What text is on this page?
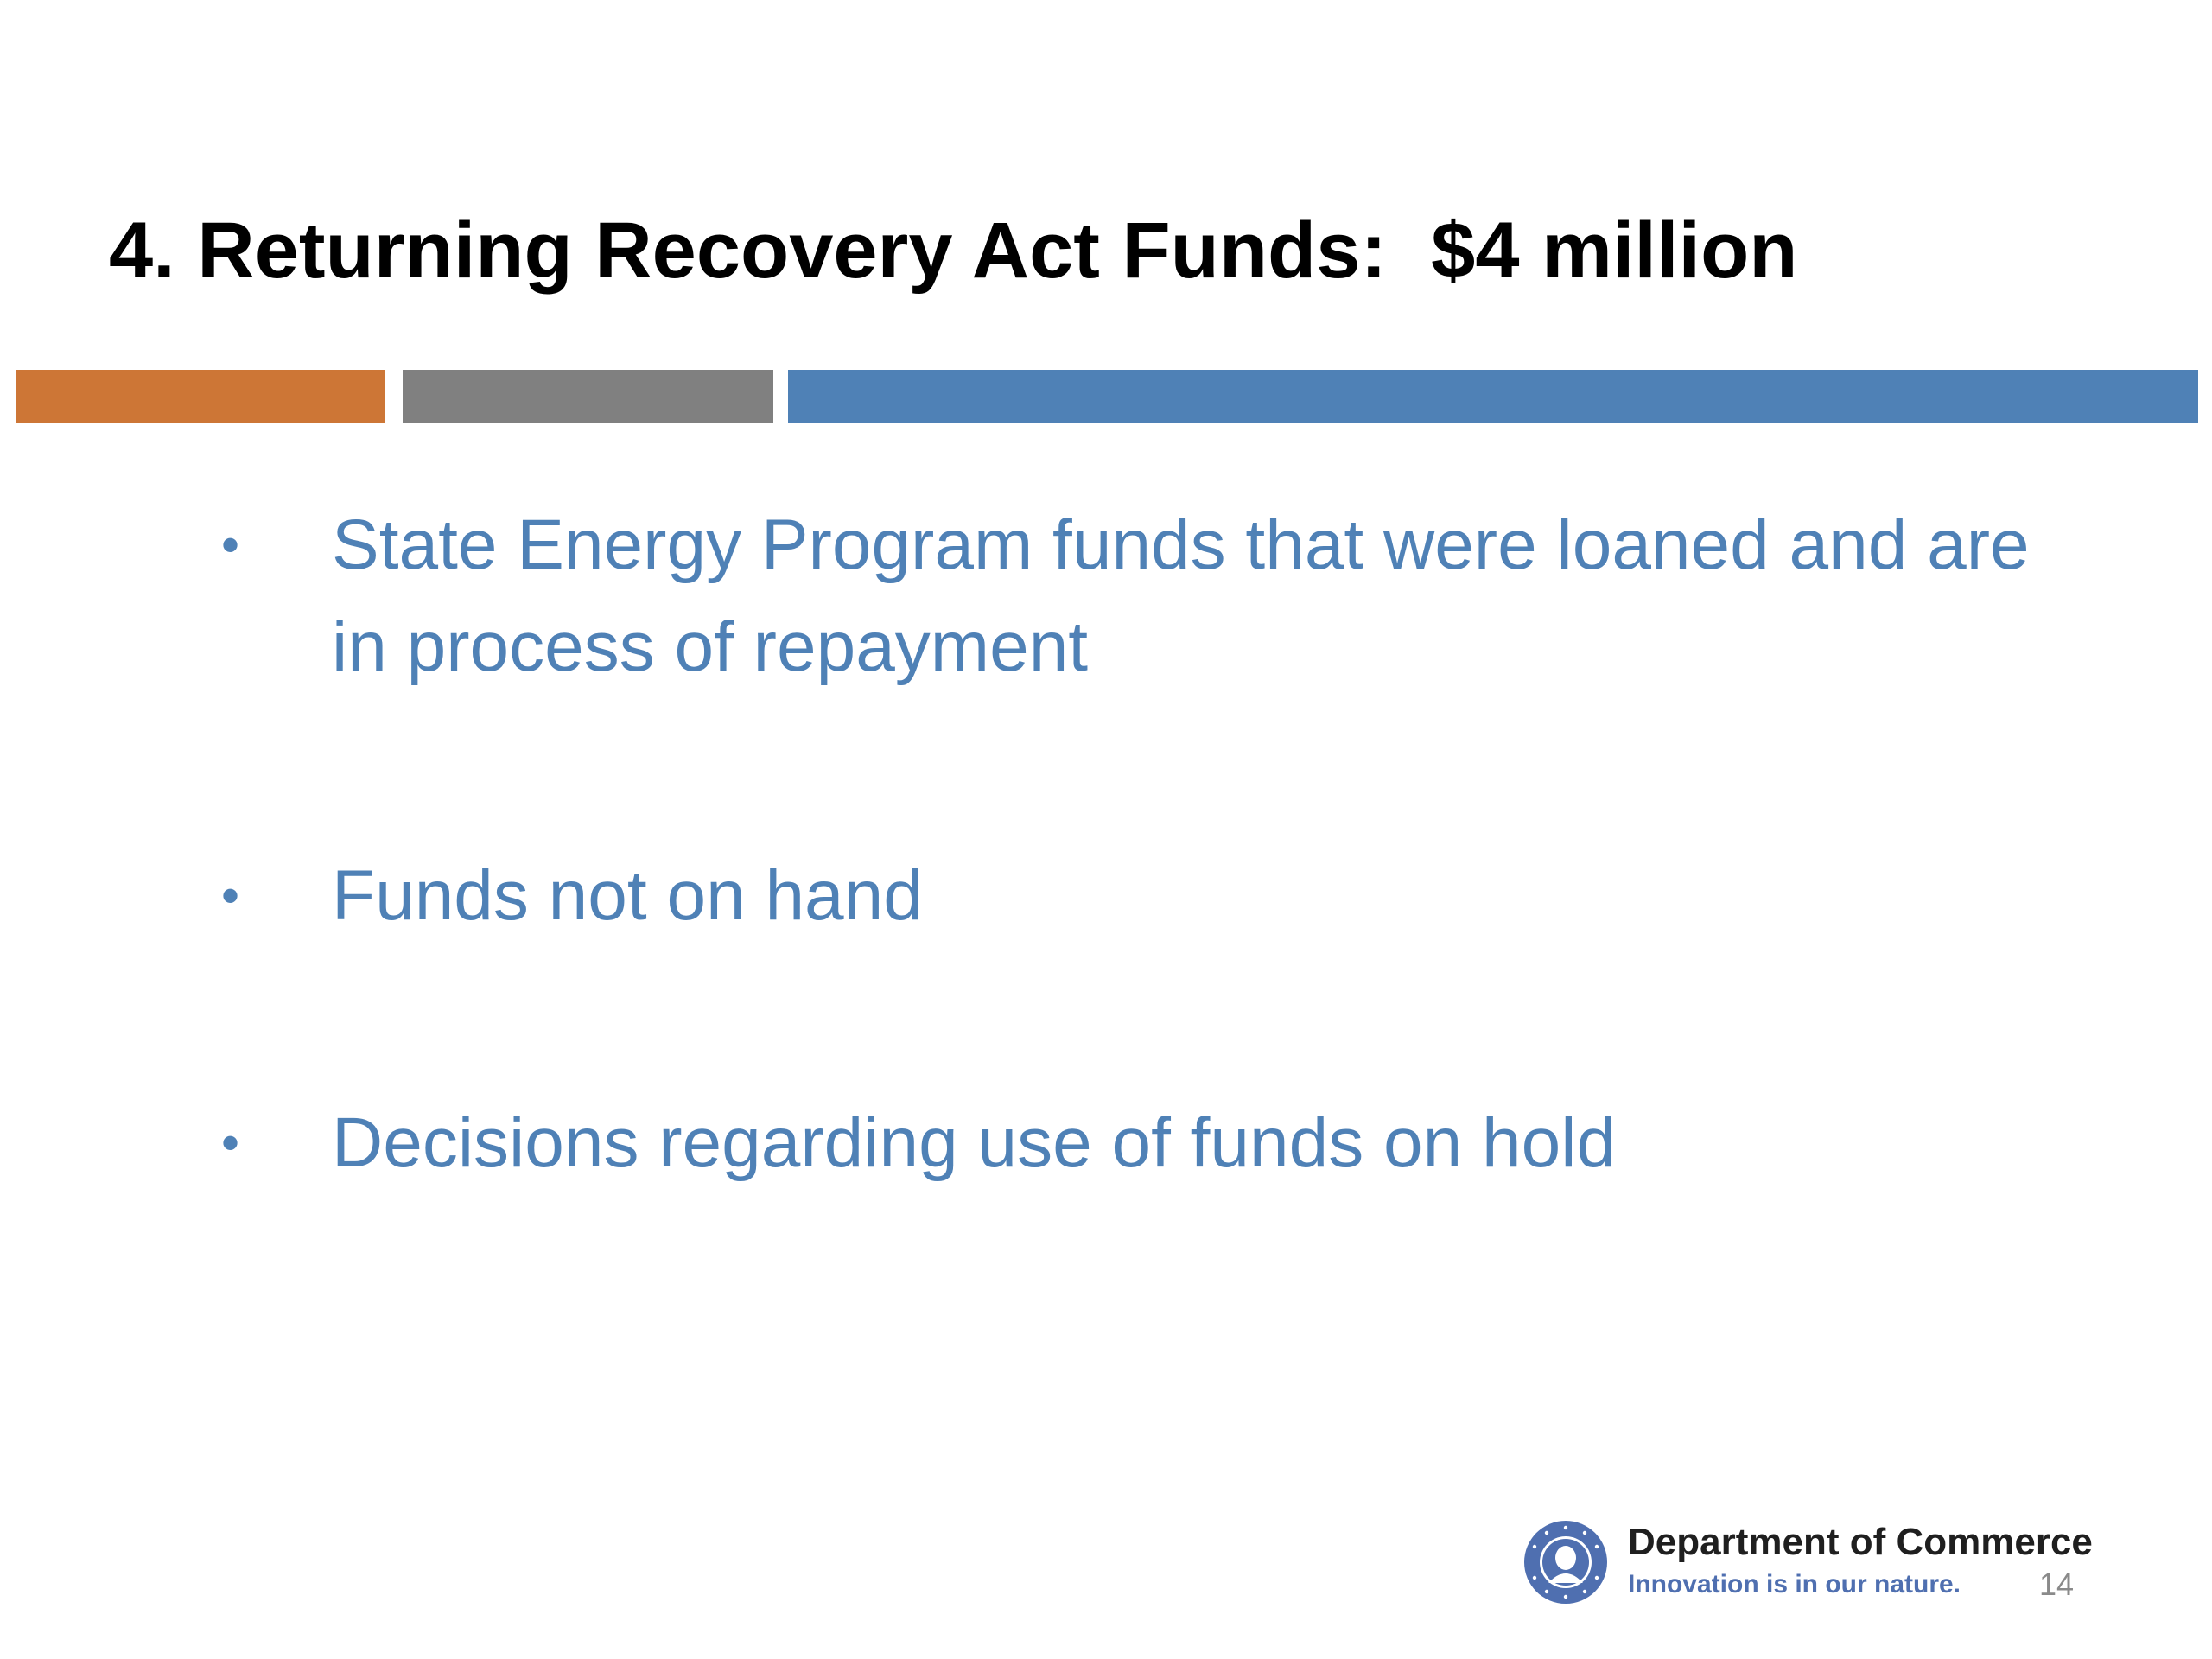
4. Returning Recovery Act Funds:  $4 million
• State Energy Program funds that were loaned and are in process of repayment
• Funds not on hand
• Decisions regarding use of funds on hold
Department of Commerce
Innovation is in our nature.	14
